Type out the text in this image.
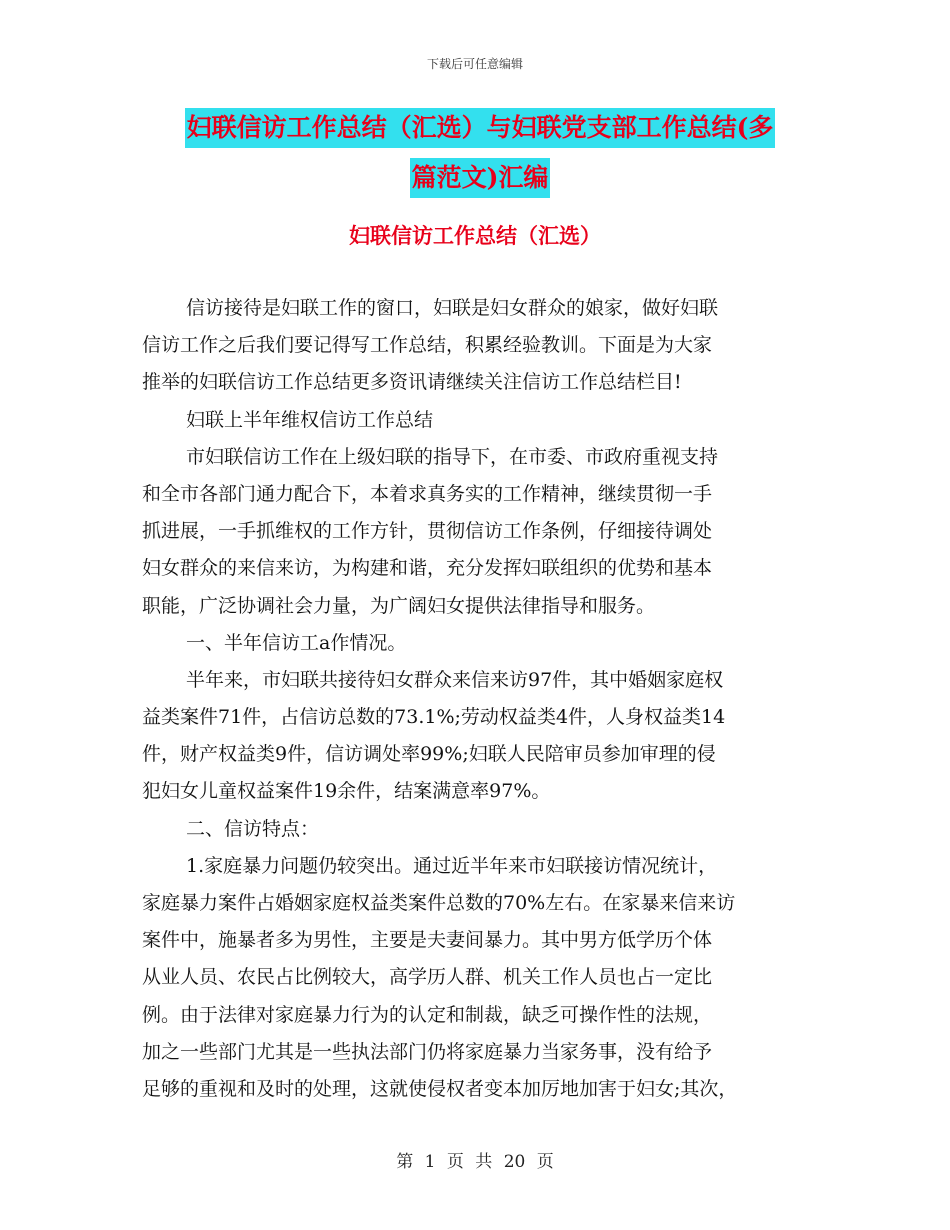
下载后可任意编辑
妇联信访工作总结（汇选）与妇联党支部工作总结(多
篇范文)汇编
妇联信访工作总结（汇选）
信访接待是妇联工作的窗口，妇联是妇女群众的娘家，做好妇联
信访工作之后我们要记得写工作总结，积累经验教训。下面是为大家
推举的妇联信访工作总结更多资讯请继续关注信访工作总结栏目!
妇联上半年维权信访工作总结
市妇联信访工作在上级妇联的指导下，在市委、市政府重视支持
和全市各部门通力配合下，本着求真务实的工作精神，继续贯彻一手
抓进展，一手抓维权的工作方针，贯彻信访工作条例，仔细接待调处
妇女群众的来信来访，为构建和谐，充分发挥妇联组织的优势和基本
职能，广泛协调社会力量，为广阔妇女提供法律指导和服务。
一、半年信访工a作情况。
半年来，市妇联共接待妇女群众来信来访97件，其中婚姻家庭权
益类案件71件，占信访总数的73.1%;劳动权益类4件，人身权益类14
件，财产权益类9件，信访调处率99%;妇联人民陪审员参加审理的侵
犯妇女儿童权益案件19余件，结案满意率97%。
二、信访特点：
1.家庭暴力问题仍较突出。通过近半年来市妇联接访情况统计，
家庭暴力案件占婚姻家庭权益类案件总数的70%左右。在家暴来信来访
案件中，施暴者多为男性，主要是夫妻间暴力。其中男方低学历个体
从业人员、农民占比例较大，高学历人群、机关工作人员也占一定比
例。由于法律对家庭暴力行为的认定和制裁，缺乏可操作性的法规，
加之一些部门尤其是一些执法部门仍将家庭暴力当家务事，没有给予
足够的重视和及时的处理，这就使侵权者变本加厉地加害于妇女;其次，
第 1 页 共 20 页
